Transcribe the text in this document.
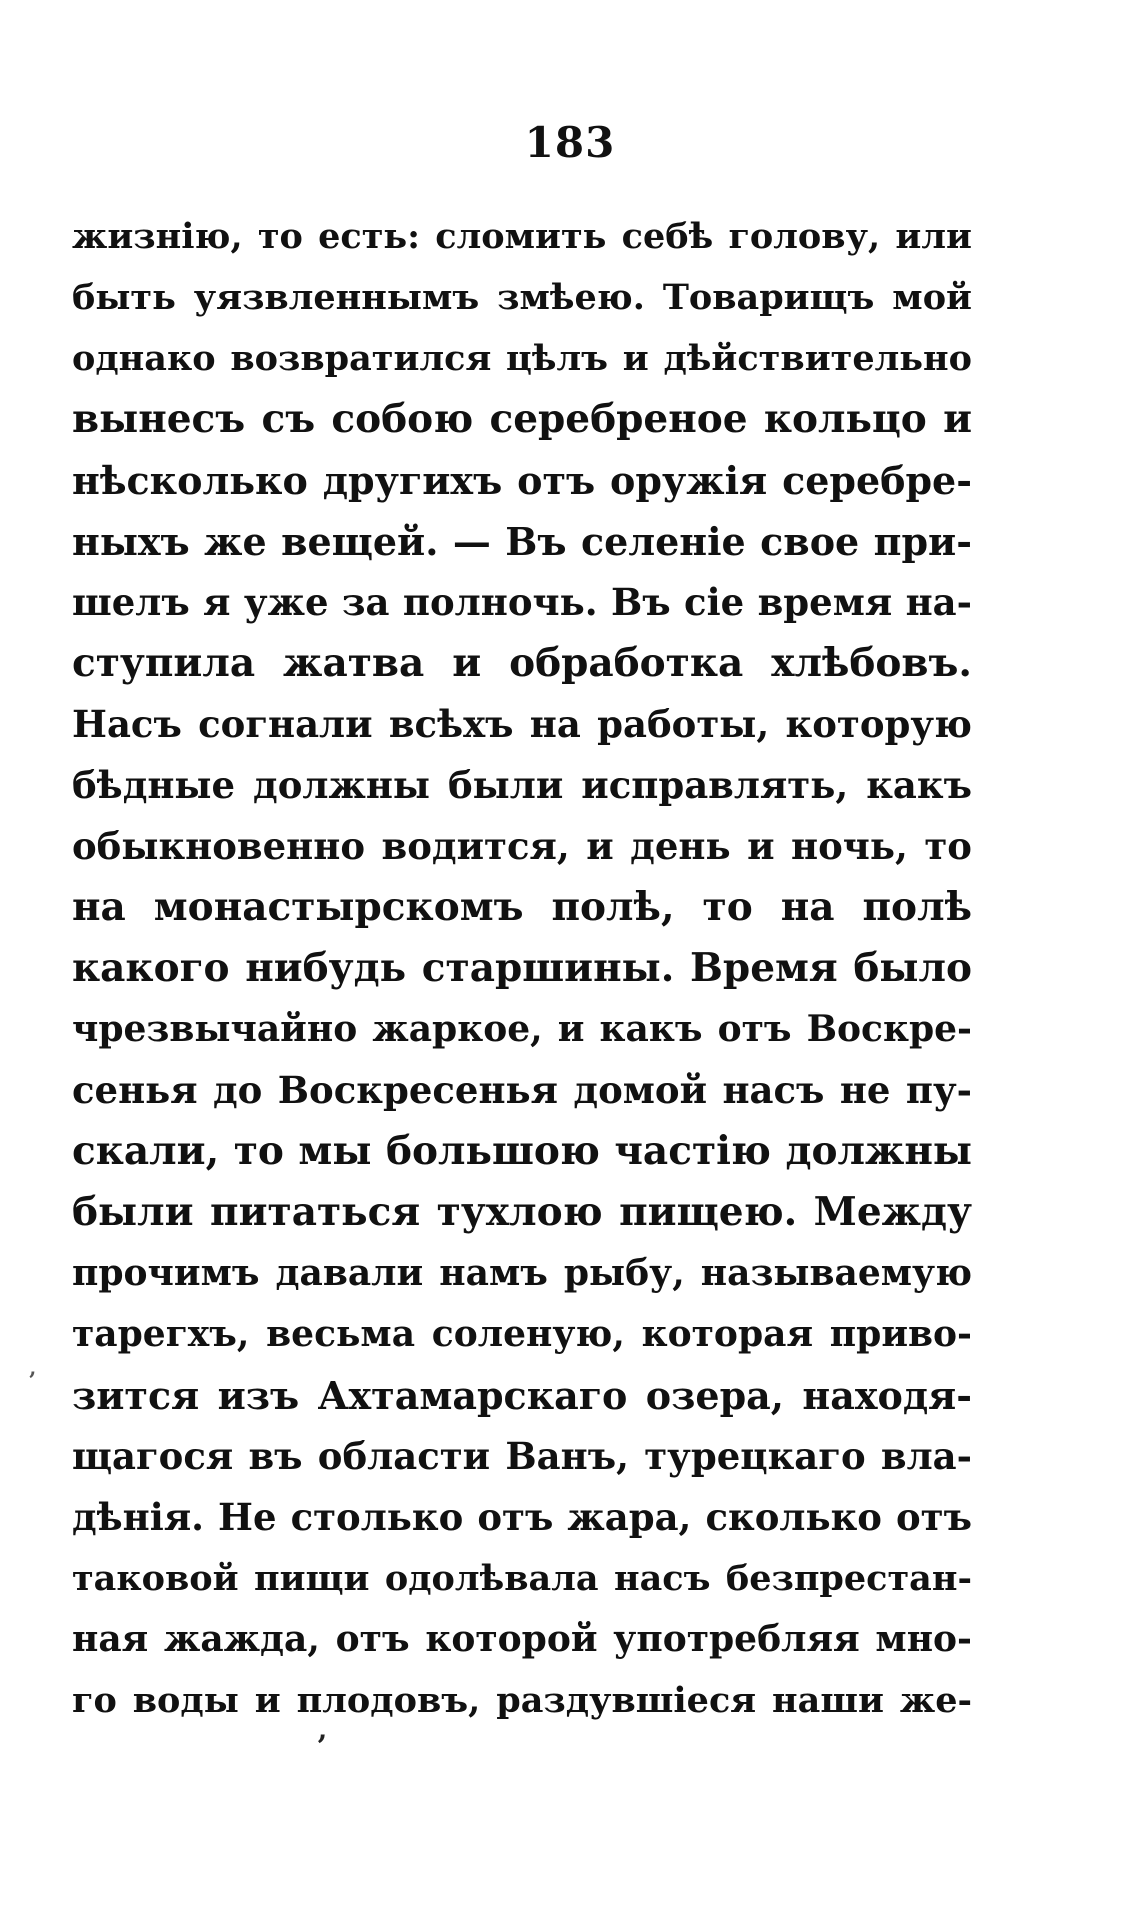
183
жизнію, то есть: сломить себѣ голову, или
быть уязвленнымъ змѣею. Товарищъ мой
однако возвратился цѣлъ и дѣйствительно
вынесъ съ собою серебреное кольцо и
нѣсколько другихъ отъ оружія серебре-
ныхъ же вещей. — Въ селеніе свое при-
шелъ я уже за полночь. Въ сіе время на-
ступила жатва и обработка хлѣбовъ.
Насъ согнали всѣхъ на работы, которую
бѣдные должны были исправлять, какъ
обыкновенно водится, и день и ночь, то
на монастырскомъ полѣ, то на полѣ
какого нибудь старшины. Время было
чрезвычайно жаркое, и какъ отъ Воскре-
сенья до Воскресенья домой насъ не пу-
скали, то мы большою частію должны
были питаться тухлою пищею. Между
прочимъ давали намъ рыбу, называемую
тарегхъ, весьма соленую, которая приво-
зится изъ Ахтамарскаго озера, находя-
щагося въ области Ванъ, турецкаго вла-
дѣнія. Не столько отъ жара, сколько отъ
таковой пищи одолѣвала насъ безпрестан-
ная жажда, отъ которой употребляя мно-
го воды и плодовъ, раздувшіеся наши же-
ʼ
ʼ
